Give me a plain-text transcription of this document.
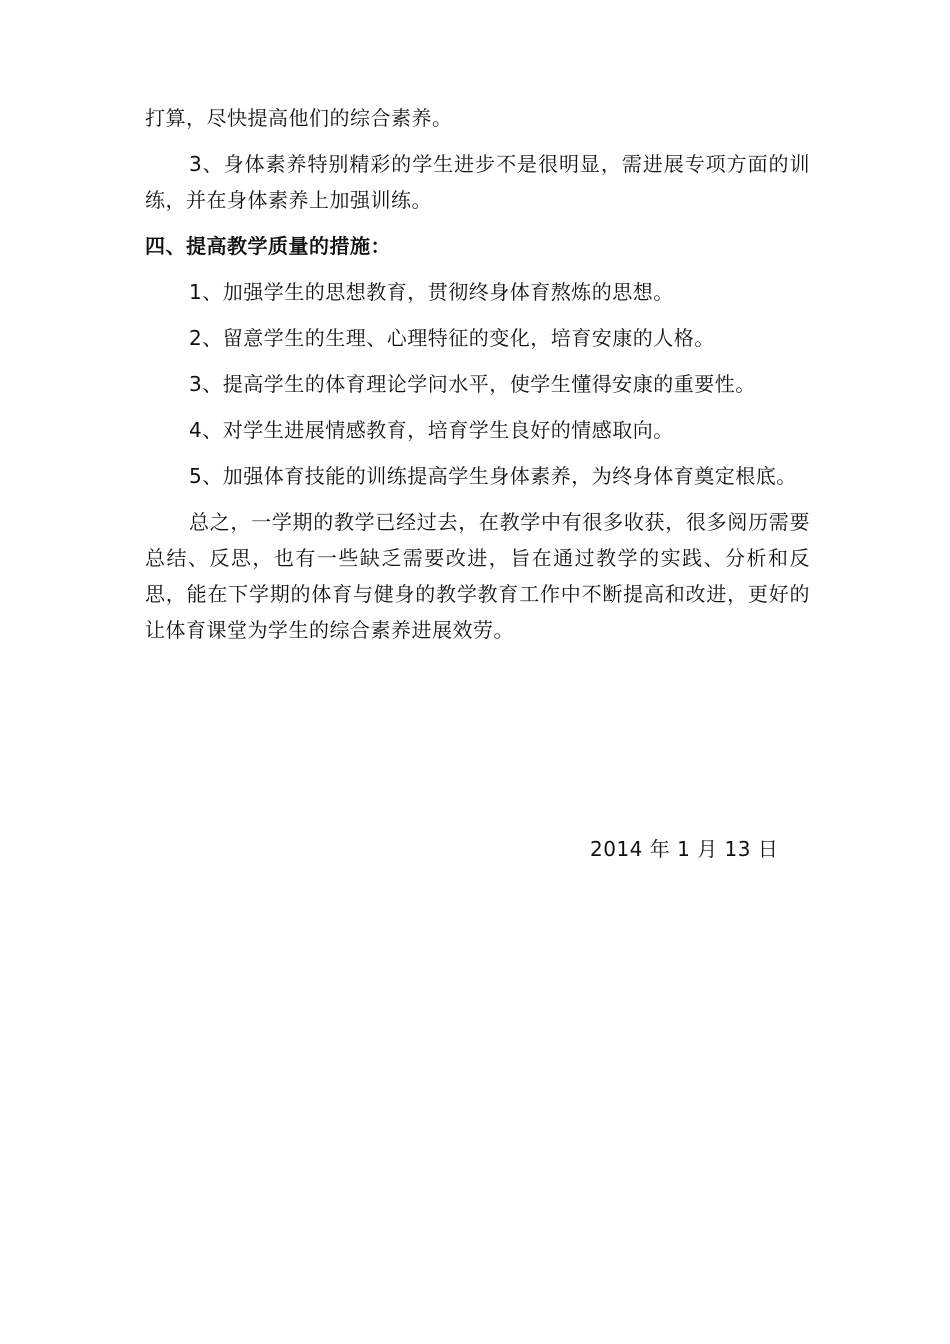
打算，尽快提高他们的综合素养。

3、身体素养特别精彩的学生进步不是很明显，需进展专项方面的训练，并在身体素养上加强训练。

四、提高教学质量的措施：

1、加强学生的思想教育，贯彻终身体育熬炼的思想。

2、留意学生的生理、心理特征的变化，培育安康的人格。

3、提高学生的体育理论学问水平，使学生懂得安康的重要性。

4、对学生进展情感教育，培育学生良好的情感取向。

5、加强体育技能的训练提高学生身体素养，为终身体育奠定根底。

总之，一学期的教学已经过去，在教学中有很多收获，很多阅历需要总结、反思，也有一些缺乏需要改进，旨在通过教学的实践、分析和反思，能在下学期的体育与健身的教学教育工作中不断提高和改进，更好的让体育课堂为学生的综合素养进展效劳。

2014 年 1 月 13 日
